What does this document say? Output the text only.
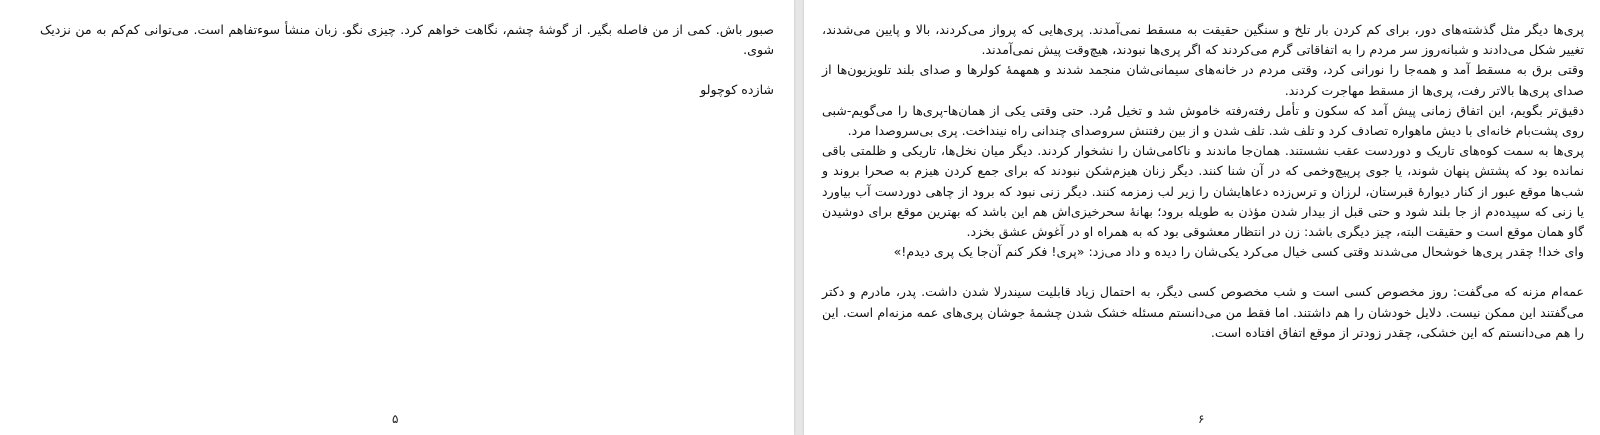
صبور باش. کمی از من فاصله بگیر. از گوشهٔ چشم، نگاهت خواهم کرد. چیزی نگو. زبان منشأ سوءتفاهم است. می‌توانی کم‌کم به من نزدیک شوی.

شازده کوچولو

۵

پری‌ها دیگر مثل گذشته‌های دور، برای کم کردن بار تلخ و سنگین حقیقت به مسقط نمی‌آمدند. پری‌هایی که پرواز می‌کردند، بالا و پایین می‌شدند، تغییر شکل می‌دادند و شبانه‌روز سر مردم را به اتفاقاتی گرم می‌کردند که اگر پری‌ها نبودند، هیچ‌وقت پیش نمی‌آمدند.

وقتی برق به مسقط آمد و همه‌جا را نورانی کرد، وقتی مردم در خانه‌های سیمانی‌شان منجمد شدند و همهمهٔ کولرها و صدای بلند تلویزیون‌ها از صدای پری‌ها بالاتر رفت، پری‌ها از مسقط مهاجرت کردند.

دقیق‌تر بگویم، این اتفاق زمانی پیش آمد که سکون و تأمل رفته‌رفته خاموش شد و تخیل مُرد. حتی وقتی یکی از همان‌ها-پری‌ها را می‌گویم-شبی روی پشت‌بام خانه‌ای با دیش ماهواره تصادف کرد و تلف شد. تلف شدن و از بین رفتنش سروصدای چندانی راه نینداخت. پری بی‌سروصدا مرد.

پری‌ها به سمت کوه‌های تاریک و دوردست عقب نشستند. همان‌جا ماندند و ناکامی‌شان را نشخوار کردند. دیگر میان نخل‌ها، تاریکی و ظلمتی باقی نمانده بود که پشتش پنهان شوند، یا جوی پرپیچ‌وخمی که در آن شنا کنند. دیگر زنان هیزم‌شکن نبودند که برای جمع کردن هیزم به صحرا بروند و شب‌ها موقع عبور از کنار دیوارهٔ قبرستان، لرزان و ترس‌زده دعاهایشان را زیر لب زمزمه کنند. دیگر زنی نبود که برود از چاهی دوردست آب بیاورد یا زنی که سپیده‌دم از جا بلند شود و حتی قبل از بیدار شدن مؤذن به طویله برود؛ بهانهٔ سحرخیزی‌اش هم این باشد که بهترین موقع برای دوشیدن گاو همان موقع است و حقیقت البته، چیز دیگری باشد: زن در انتظار معشوقی بود که به همراه او در آغوش عشق بخزد.

وای خدا! چقدر پری‌ها خوشحال می‌شدند وقتی کسی خیال می‌کرد یکی‌شان را دیده و داد می‌زد: «پری! فکر کنم آن‌جا یک پری دیدم!»

عمه‌ام مزنه که می‌گفت: روز مخصوص کسی است و شب مخصوص کسی دیگر، به احتمال زیاد قابلیت سیندرلا شدن داشت. پدر، مادرم و دکتر می‌گفتند این ممکن نیست. دلایل خودشان را هم داشتند. اما فقط من می‌دانستم مسئله خشک شدن چشمهٔ جوشان پری‌های عمه مزنه‌ام است. این را هم می‌دانستم که این خشکی، چقدر زودتر از موقع اتفاق افتاده است.

۶
